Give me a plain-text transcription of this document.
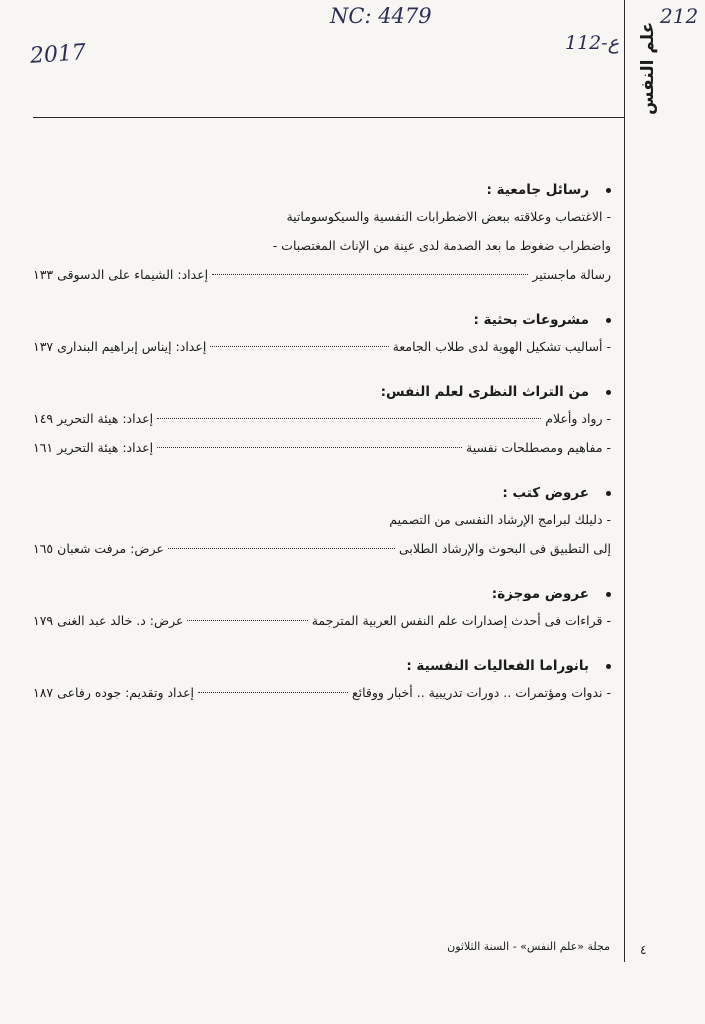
2017
NC: 4479
112-ع
212
علم النفس
رسائل جامعية :
- الاغتصاب وعلاقته ببعض الاضطرابات النفسية والسيكوسوماتية
واضطراب ضغوط ما بعد الصدمة لدى عينة من الإناث المغتصبات -
رسالة ماجستير
إعداد: الشيماء على الدسوقى
١٣٣
مشروعات بحثية :
- أساليب تشكيل الهوية لدى طلاب الجامعة
إعداد: إيناس إبراهيم البندارى
١٣٧
من التراث النظرى لعلم النفس:
- رواد وأعلام
إعداد: هيئة التحرير
١٤٩
- مفاهيم ومصطلحات نفسية
إعداد: هيئة التحرير
١٦١
عروض كتب :
- دليلك لبرامج الإرشاد النفسى من التصميم
إلى التطبيق فى البحوث والإرشاد الطلابى
عرض: مرفت شعبان
١٦٥
عروض موجزة:
- قراءات فى أحدث إصدارات علم النفس العربية المترجمة
عرض: د. خالد عبد الغنى
١٧٩
بانوراما الفعاليات النفسية :
- ندوات ومؤتمرات .. دورات تدريبية .. أخبار ووقائع
إعداد وتقديم: جوده رفاعى
١٨٧
مجلة «علم النفس» - السنة الثلاثون	٤
